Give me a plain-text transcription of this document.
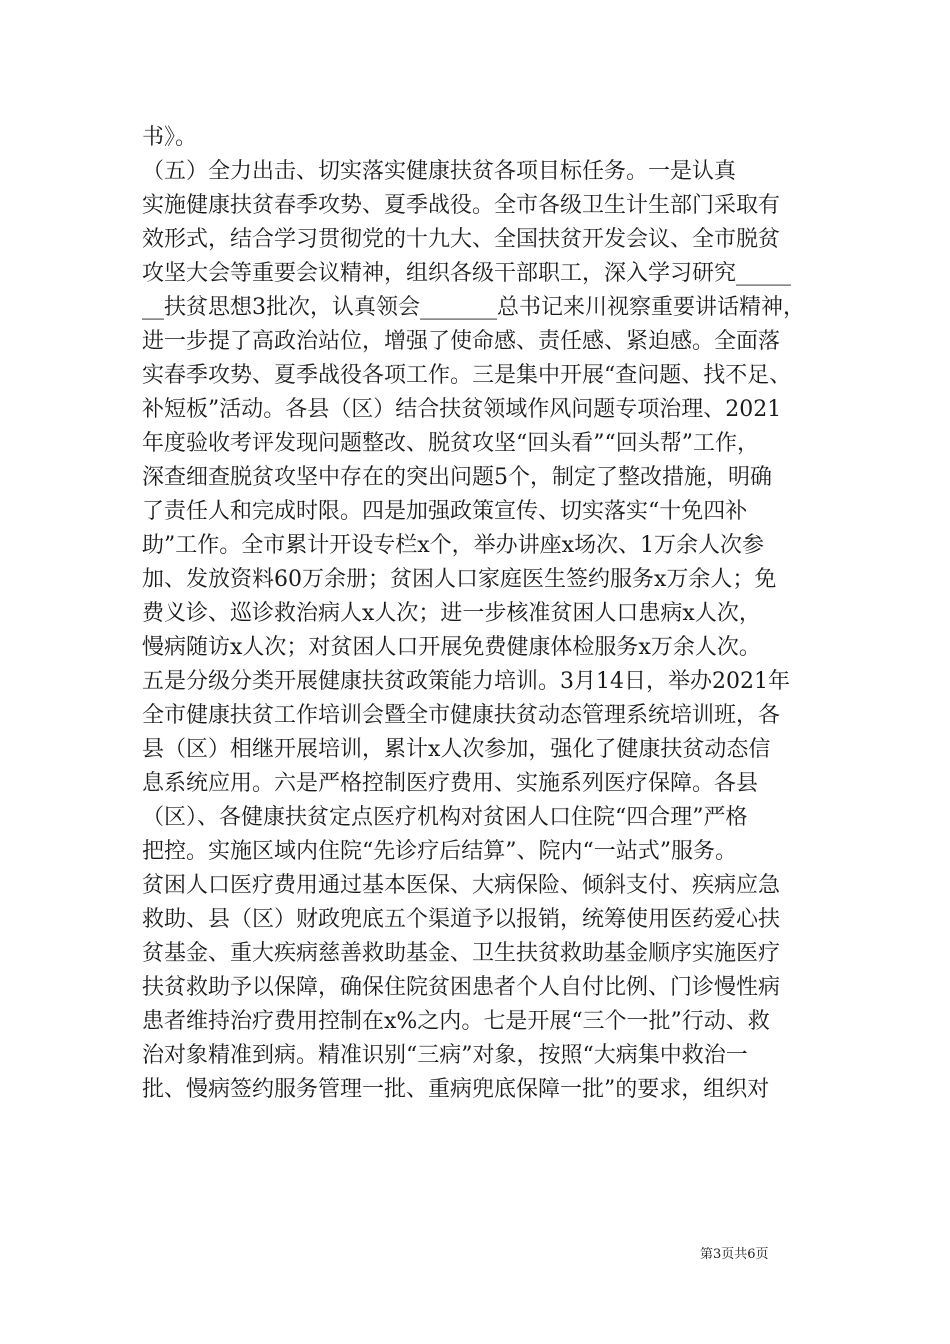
书》。
（五）全力出击、切实落实健康扶贫各项目标任务。一是认真
实施健康扶贫春季攻势、夏季战役。全市各级卫生计生部门采取有
效形式，结合学习贯彻党的十九大、全国扶贫开发会议、全市脱贫
攻坚大会等重要会议精神，组织各级干部职工，深入学习研究_____
__扶贫思想3批次，认真领会_______总书记来川视察重要讲话精神，
进一步提了高政治站位，增强了使命感、责任感、紧迫感。全面落
实春季攻势、夏季战役各项工作。三是集中开展“查问题、找不足、
补短板”活动。各县（区）结合扶贫领域作风问题专项治理、2021
年度验收考评发现问题整改、脱贫攻坚“回头看”“回头帮”工作，
深查细查脱贫攻坚中存在的突出问题5个，制定了整改措施，明确
了责任人和完成时限。四是加强政策宣传、切实落实“十免四补
助”工作。全市累计开设专栏x个，举办讲座x场次、1万余人次参
加、发放资料60万余册；贫困人口家庭医生签约服务x万余人；免
费义诊、巡诊救治病人x人次；进一步核准贫困人口患病x人次，
慢病随访x人次；对贫困人口开展免费健康体检服务x万余人次。
五是分级分类开展健康扶贫政策能力培训。3月14日，举办2021年
全市健康扶贫工作培训会暨全市健康扶贫动态管理系统培训班，各
县（区）相继开展培训，累计x人次参加，强化了健康扶贫动态信
息系统应用。六是严格控制医疗费用、实施系列医疗保障。各县
（区）、各健康扶贫定点医疗机构对贫困人口住院“四合理”严格
把控。实施区域内住院“先诊疗后结算”、院内“一站式”服务。
贫困人口医疗费用通过基本医保、大病保险、倾斜支付、疾病应急
救助、县（区）财政兜底五个渠道予以报销，统筹使用医药爱心扶
贫基金、重大疾病慈善救助基金、卫生扶贫救助基金顺序实施医疗
扶贫救助予以保障，确保住院贫困患者个人自付比例、门诊慢性病
患者维持治疗费用控制在x%之内。七是开展“三个一批”行动、救
治对象精准到病。精准识别“三病”对象，按照“大病集中救治一
批、慢病签约服务管理一批、重病兜底保障一批”的要求，组织对
第3页共6页
